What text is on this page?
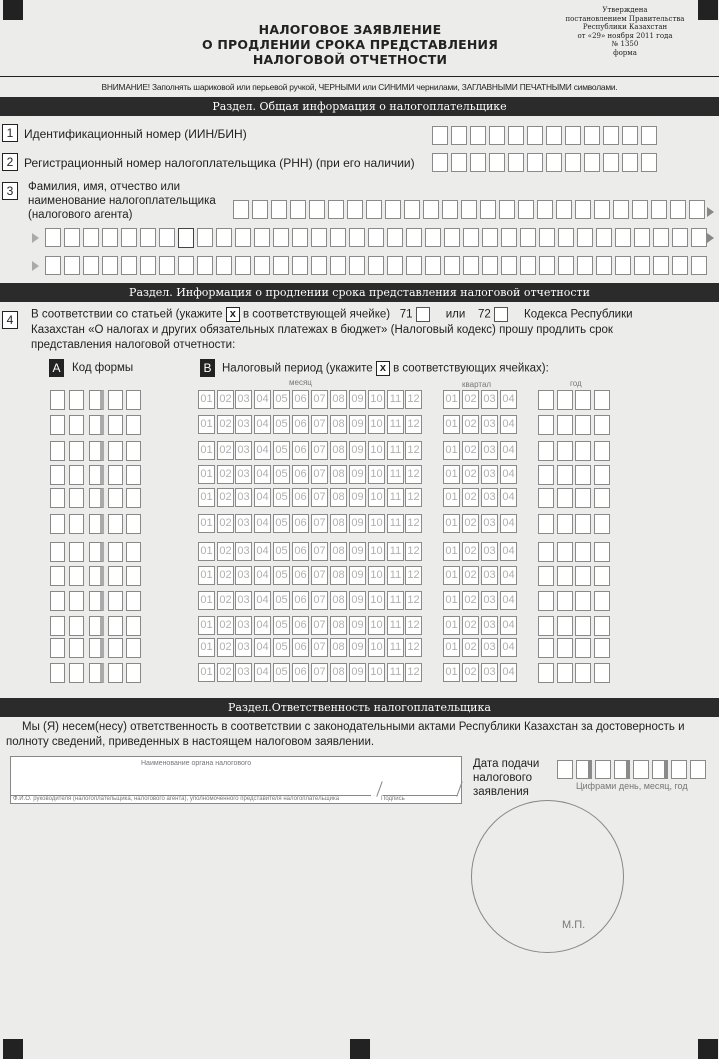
Утверждена
постановлением Правительства
Республики Казахстан
от «29» ноября 2011 года
№ 1350
форма
НАЛОГОВОЕ ЗАЯВЛЕНИЕ
О ПРОДЛЕНИИ СРОКА ПРЕДСТАВЛЕНИЯ
НАЛОГОВОЙ ОТЧЕТНОСТИ
ВНИМАНИЕ! Заполнять шариковой или перьевой ручкой, ЧЕРНЫМИ или СИНИМИ чернилами, ЗАГЛАВНЫМИ ПЕЧАТНЫМИ символами.
Раздел. Общая информация о налогоплательщике
1 Идентификационный номер (ИИН/БИН)
2 Регистрационный номер налогоплательщика (РНН) (при его наличии)
3	Фамилия, имя, отчество или
наименование налогоплательщика
(налогового агента)
Раздел. Информация о продлении срока представления налоговой отчетности
4	В соответствии со статьей (укажите x в соответствующей ячейке) 71	или 72	Кодекса Республики
Казахстан «О налогах и других обязательных платежах в бюджет» (Налоговый кодекс) прошу продлить срок
представления налоговой отчетности:
A	Код формы	B Налоговый период (укажите x в соответствующих ячейках):
месяц	квартал	год
01 02 03 04 05 06 07 08 09 10 11 12 01 02 03 04
01 02 03 04 05 06 07 08 09 10 11 12 01 02 03 04
01 02 03 04 05 06 07 08 09 10 11 12 01 02 03 04
01 02 03 04 05 06 07 08 09 10 11 12 01 02 03 04
01 02 03 04 05 06 07 08 09 10 11 12 01 02 03 04
01 02 03 04 05 06 07 08 09 10 11 12 01 02 03 04
01 02 03 04 05 06 07 08 09 10 11 12 01 02 03 04
01 02 03 04 05 06 07 08 09 10 11 12 01 02 03 04
01 02 03 04 05 06 07 08 09 10 11 12 01 02 03 04
01 02 03 04 05 06 07 08 09 10 11 12 01 02 03 04
01 02 03 04 05 06 07 08 09 10 11 12 01 02 03 04
01 02 03 04 05 06 07 08 09 10 11 12 01 02 03 04
Раздел.Ответственность налогоплательщика
Мы (Я) несем(несу) ответственность в соответствии с законодательными актами Республики Казахстан за достоверность и полноту сведений, приведенных в настоящем налоговом заявлении.
Наименование органа налогового
Ф.И.О. руководителя (налогоплательщика, налогового агента), уполномоченного представителя налогоплательщика	Подпись
Дата подачи
налогового
заявления	Цифрами день, месяц, год
М.П.
